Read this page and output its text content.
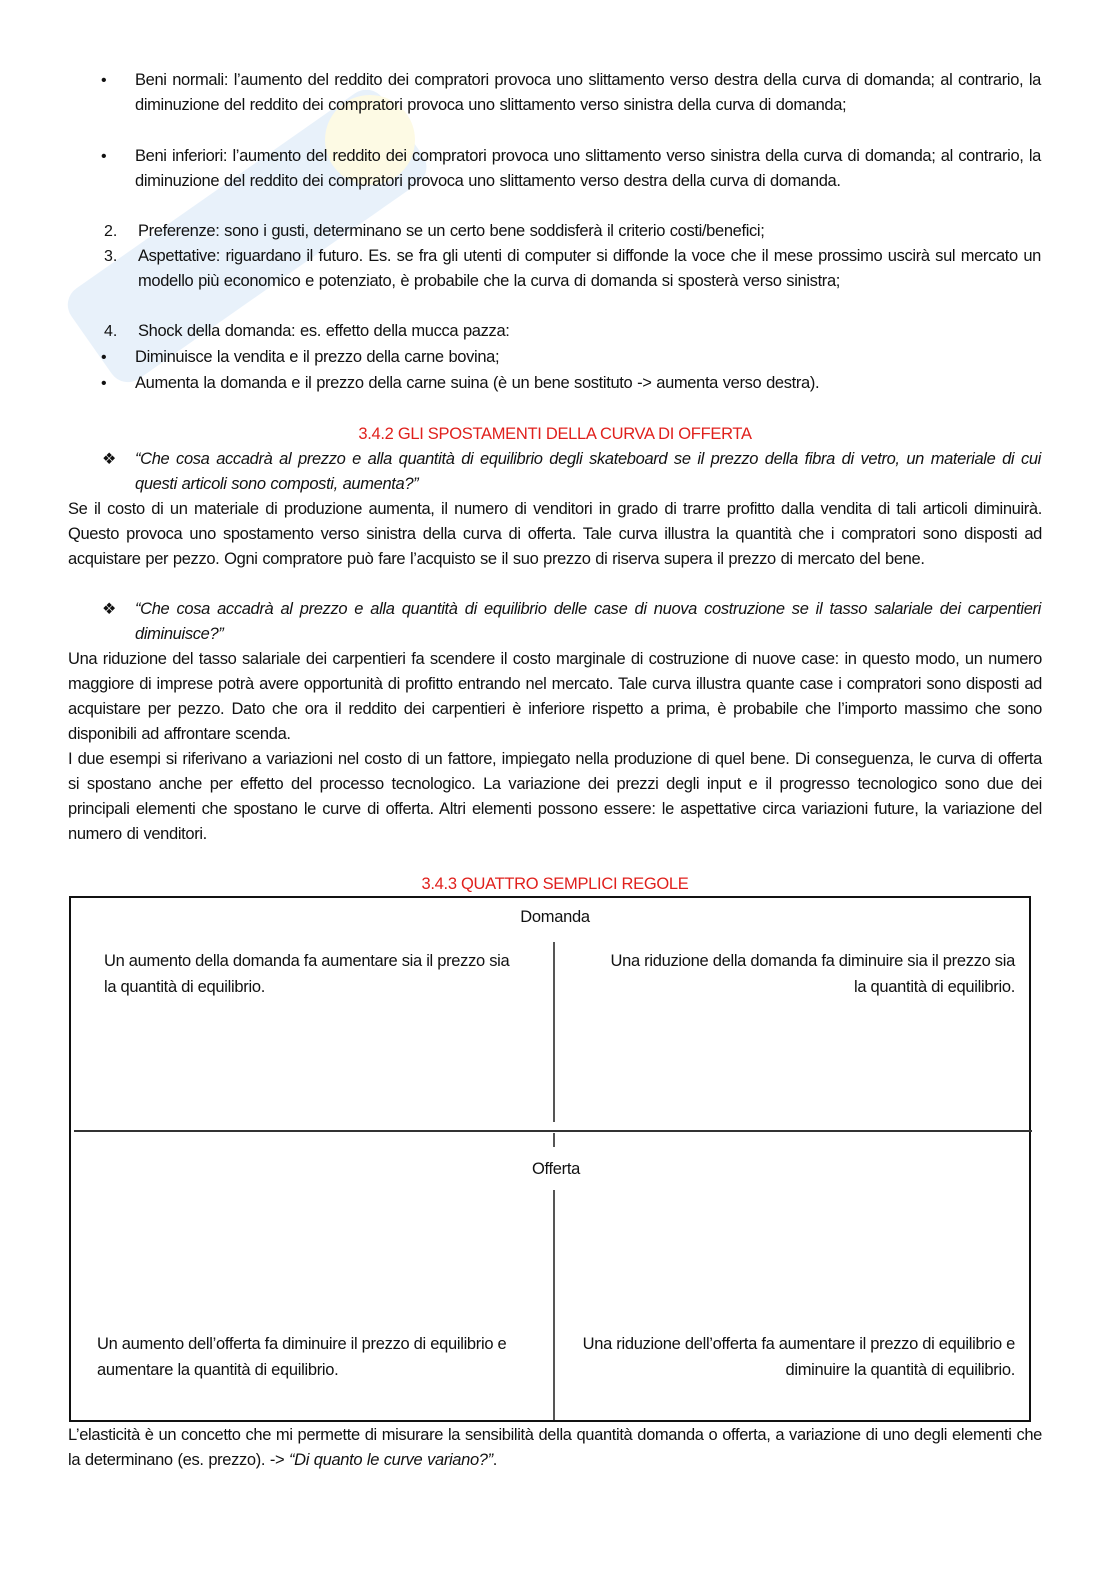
• Beni normali: l’aumento del reddito dei compratori provoca uno slittamento verso destra della curva di domanda; al contrario, la diminuzione del reddito dei compratori provoca uno slittamento verso sinistra della curva di domanda;
• Beni inferiori: l’aumento del reddito dei compratori provoca uno slittamento verso sinistra della curva di domanda; al contrario, la diminuzione del reddito dei compratori provoca uno slittamento verso destra della curva di domanda.
2. Preferenze: sono i gusti, determinano se un certo bene soddisferà il criterio costi/benefici;
3. Aspettative: riguardano il futuro. Es. se fra gli utenti di computer si diffonde la voce che il mese prossimo uscirà sul mercato un modello più economico e potenziato, è probabile che la curva di domanda si sposterà verso sinistra;
4. Shock della domanda: es. effetto della mucca pazza:
• Diminuisce la vendita e il prezzo della carne bovina;
• Aumenta la domanda e il prezzo della carne suina (è un bene sostituto -> aumenta verso destra).
3.4.2 GLI SPOSTAMENTI DELLA CURVA DI OFFERTA
❖ “Che cosa accadrà al prezzo e alla quantità di equilibrio degli skateboard se il prezzo della fibra di vetro, un materiale di cui questi articoli sono composti, aumenta?”
Se il costo di un materiale di produzione aumenta, il numero di venditori in grado di trarre profitto dalla vendita di tali articoli diminuirà. Questo provoca uno spostamento verso sinistra della curva di offerta. Tale curva illustra la quantità che i compratori sono disposti ad acquistare per pezzo. Ogni compratore può fare l’acquisto se il suo prezzo di riserva supera il prezzo di mercato del bene.
❖ “Che cosa accadrà al prezzo e alla quantità di equilibrio delle case di nuova costruzione se il tasso salariale dei carpentieri diminuisce?”
Una riduzione del tasso salariale dei carpentieri fa scendere il costo marginale di costruzione di nuove case: in questo modo, un numero maggiore di imprese potrà avere opportunità di profitto entrando nel mercato. Tale curva illustra quante case i compratori sono disposti ad acquistare per pezzo. Dato che ora il reddito dei carpentieri è inferiore rispetto a prima, è probabile che l’importo massimo che sono disponibili ad affrontare scenda.
I due esempi si riferivano a variazioni nel costo di un fattore, impiegato nella produzione di quel bene. Di conseguenza, le curva di offerta si spostano anche per effetto del processo tecnologico. La variazione dei prezzi degli input e il progresso tecnologico sono due dei principali elementi che spostano le curve di offerta. Altri elementi possono essere: le aspettative circa variazioni future, la variazione del numero di venditori.
3.4.3 QUATTRO SEMPLICI REGOLE
Domanda
Un aumento della domanda fa aumentare sia il prezzo sia la quantità di equilibrio.
Una riduzione della domanda fa diminuire sia il prezzo sia la quantità di equilibrio.
Offerta
Un aumento dell’offerta fa diminuire il prezzo di equilibrio e aumentare la quantità di equilibrio.
Una riduzione dell’offerta fa aumentare il prezzo di equilibrio e diminuire la quantità di equilibrio.
L’elasticità è un concetto che mi permette di misurare la sensibilità della quantità domanda o offerta, a variazione di uno degli elementi che la determinano (es. prezzo). -> “Di quanto le curve variano?”.
